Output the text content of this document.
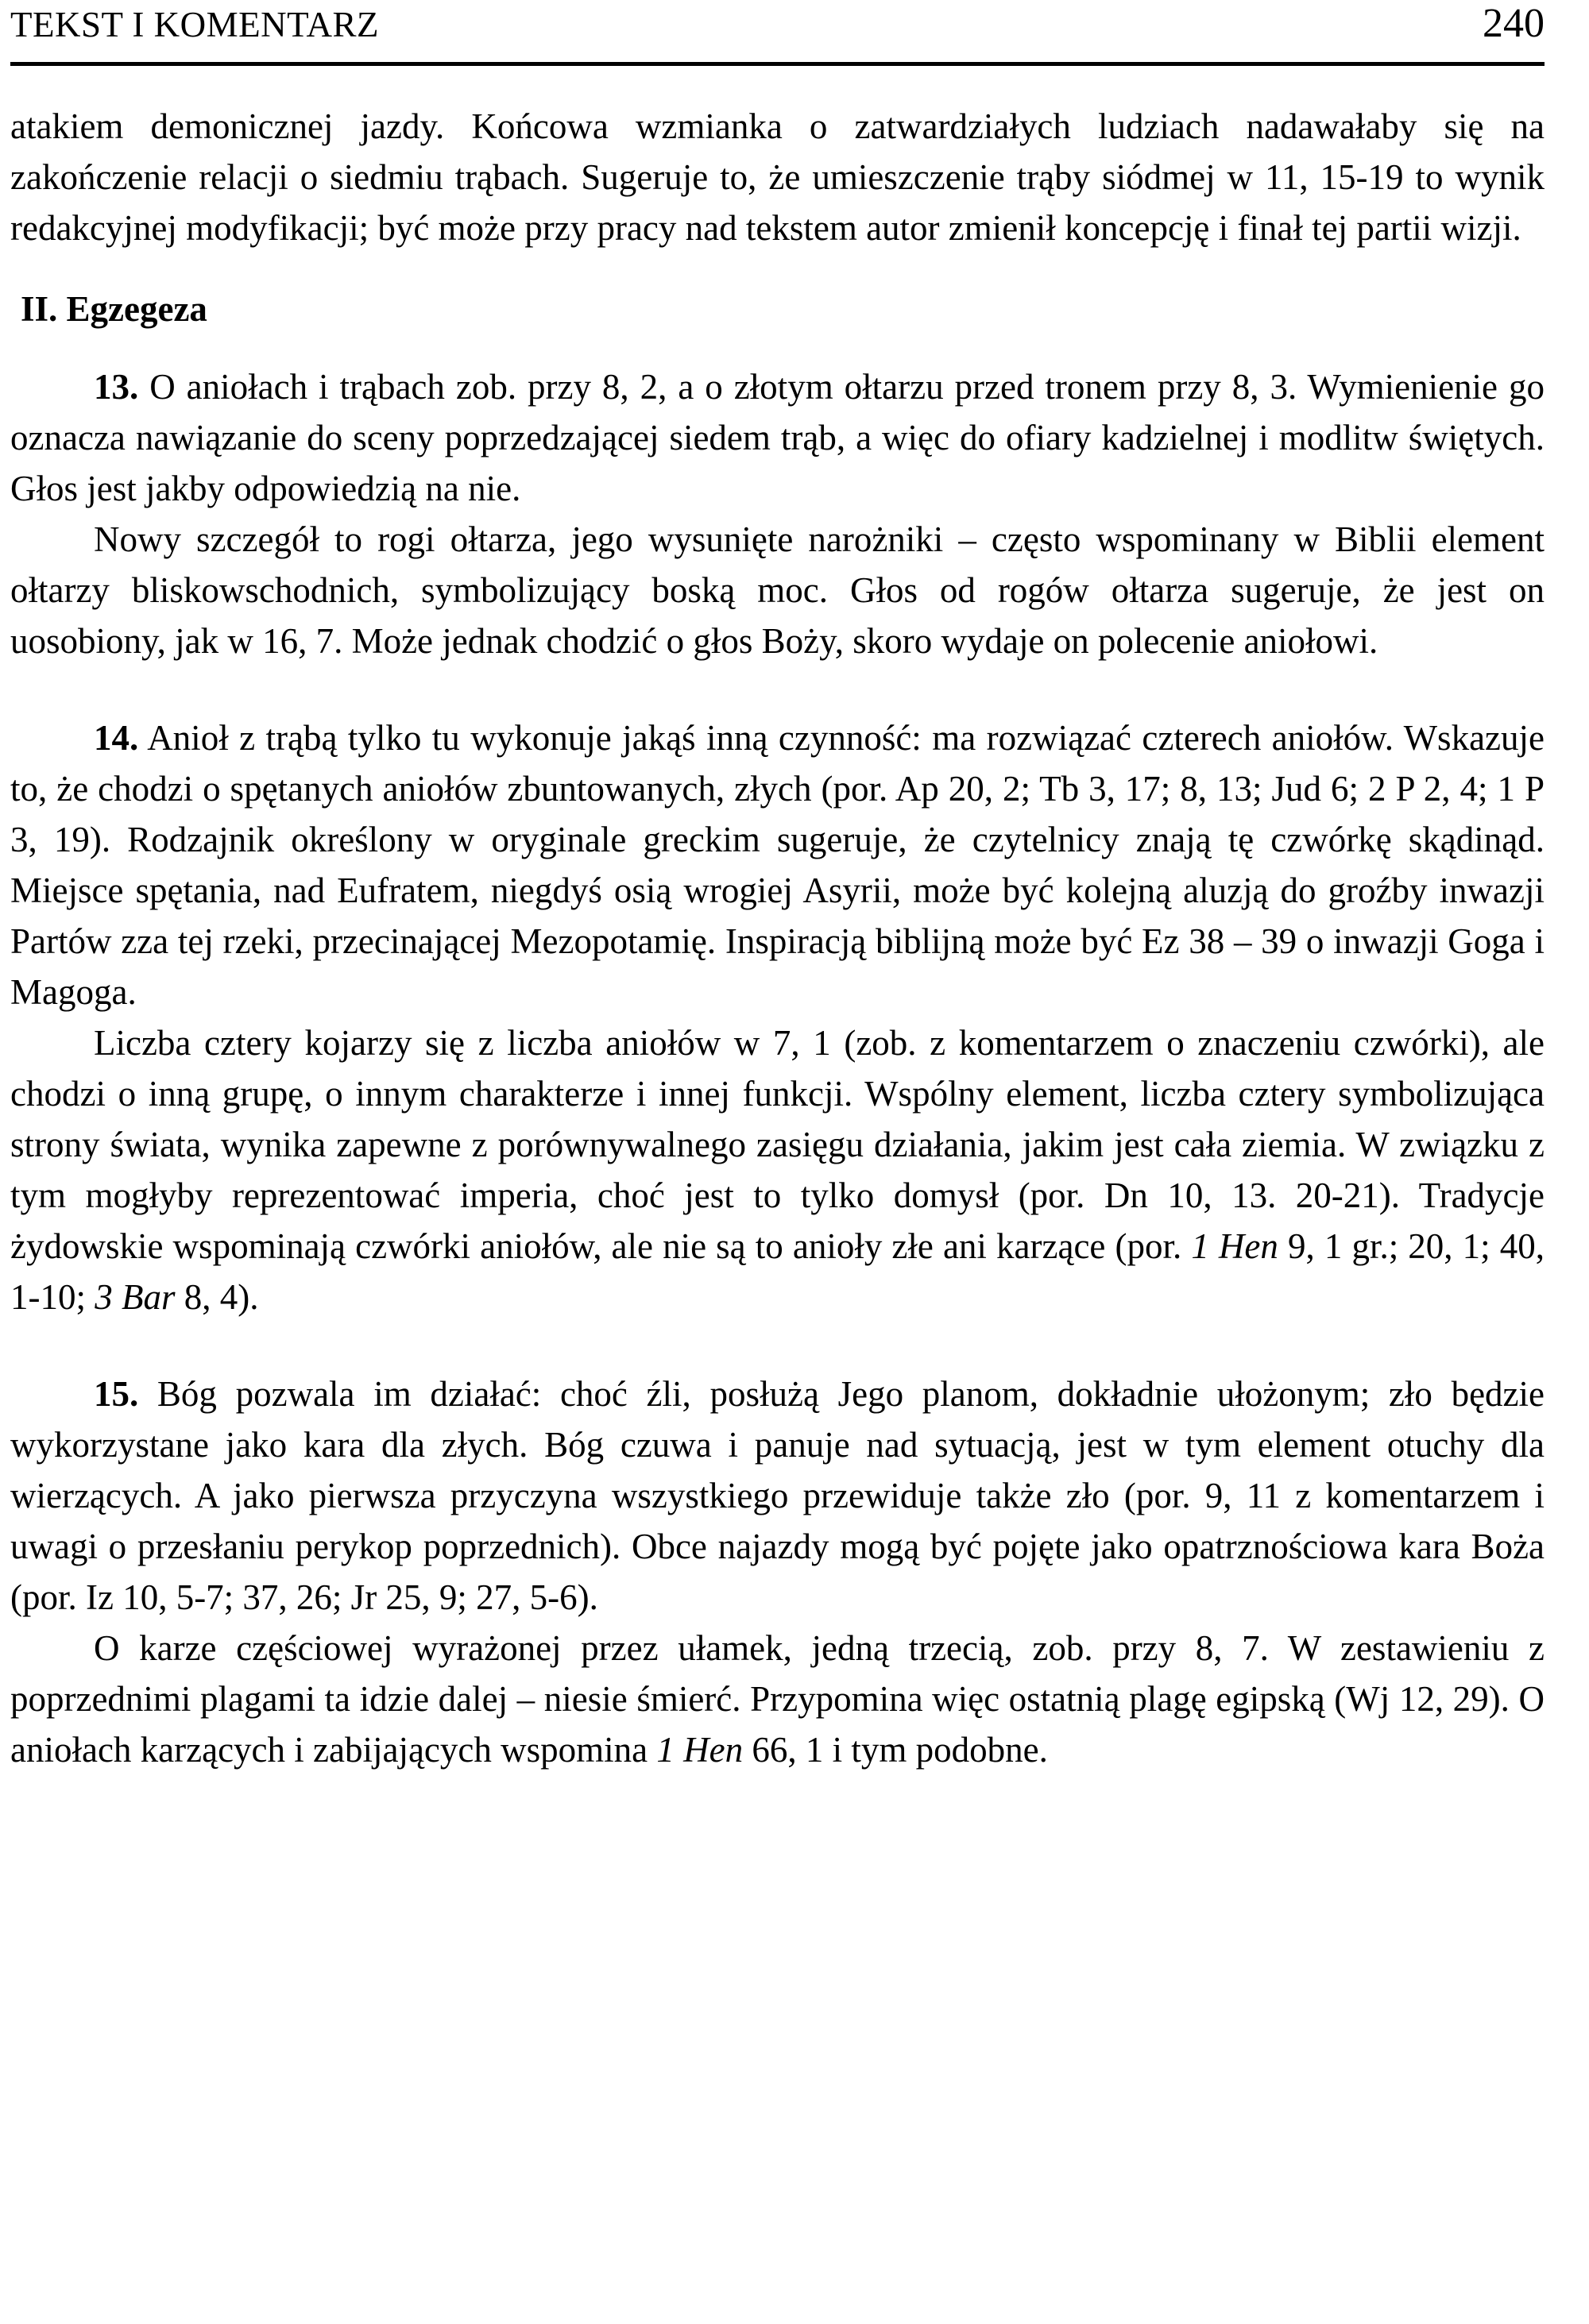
TEKST I KOMENTARZ	240

atakiem demonicznej jazdy. Końcowa wzmianka o zatwardziałych ludziach nadawałaby się na zakończenie relacji o siedmiu trąbach. Sugeruje to, że umieszczenie trąby siódmej w 11, 15-19 to wynik redakcyjnej modyfikacji; być może przy pracy nad tekstem autor zmienił koncepcję i finał tej partii wizji.

II. Egzegeza

13. O aniołach i trąbach zob. przy 8, 2, a o złotym ołtarzu przed tronem przy 8, 3. Wymienienie go oznacza nawiązanie do sceny poprzedzającej siedem trąb, a więc do ofiary kadzielnej i modlitw świętych. Głos jest jakby odpowiedzią na nie.

Nowy szczegół to rogi ołtarza, jego wysunięte narożniki – często wspominany w Biblii element ołtarzy bliskowschodnich, symbolizujący boską moc. Głos od rogów ołtarza sugeruje, że jest on uosobiony, jak w 16, 7. Może jednak chodzić o głos Boży, skoro wydaje on polecenie aniołowi.

14. Anioł z trąbą tylko tu wykonuje jakąś inną czynność: ma rozwiązać czterech aniołów. Wskazuje to, że chodzi o spętanych aniołów zbuntowanych, złych (por. Ap 20, 2; Tb 3, 17; 8, 13; Jud 6; 2 P 2, 4; 1 P 3, 19). Rodzajnik określony w oryginale greckim sugeruje, że czytelnicy znają tę czwórkę skądinąd. Miejsce spętania, nad Eufratem, niegdyś osią wrogiej Asyrii, może być kolejną aluzją do groźby inwazji Partów zza tej rzeki, przecinającej Mezopotamię. Inspiracją biblijną może być Ez 38 – 39 o inwazji Goga i Magoga.

Liczba cztery kojarzy się z liczba aniołów w 7, 1 (zob. z komentarzem o znaczeniu czwórki), ale chodzi o inną grupę, o innym charakterze i innej funkcji. Wspólny element, liczba cztery symbolizująca strony świata, wynika zapewne z porównywalnego zasięgu działania, jakim jest cała ziemia. W związku z tym mogłyby reprezentować imperia, choć jest to tylko domysł (por. Dn 10, 13. 20-21). Tradycje żydowskie wspominają czwórki aniołów, ale nie są to anioły złe ani karzące (por. 1 Hen 9, 1 gr.; 20, 1; 40, 1-10; 3 Bar 8, 4).

15. Bóg pozwala im działać: choć źli, posłużą Jego planom, dokładnie ułożonym; zło będzie wykorzystane jako kara dla złych. Bóg czuwa i panuje nad sytuacją, jest w tym element otuchy dla wierzących. A jako pierwsza przyczyna wszystkiego przewiduje także zło (por. 9, 11 z komentarzem i uwagi o przesłaniu perykop poprzednich). Obce najazdy mogą być pojęte jako opatrznościowa kara Boża (por. Iz 10, 5-7; 37, 26; Jr 25, 9; 27, 5-6).

O karze częściowej wyrażonej przez ułamek, jedną trzecią, zob. przy 8, 7. W zestawieniu z poprzednimi plagami ta idzie dalej – niesie śmierć. Przypomina więc ostatnią plagę egipską (Wj 12, 29). O aniołach karzących i zabijających wspomina 1 Hen 66, 1 i tym podobne.
